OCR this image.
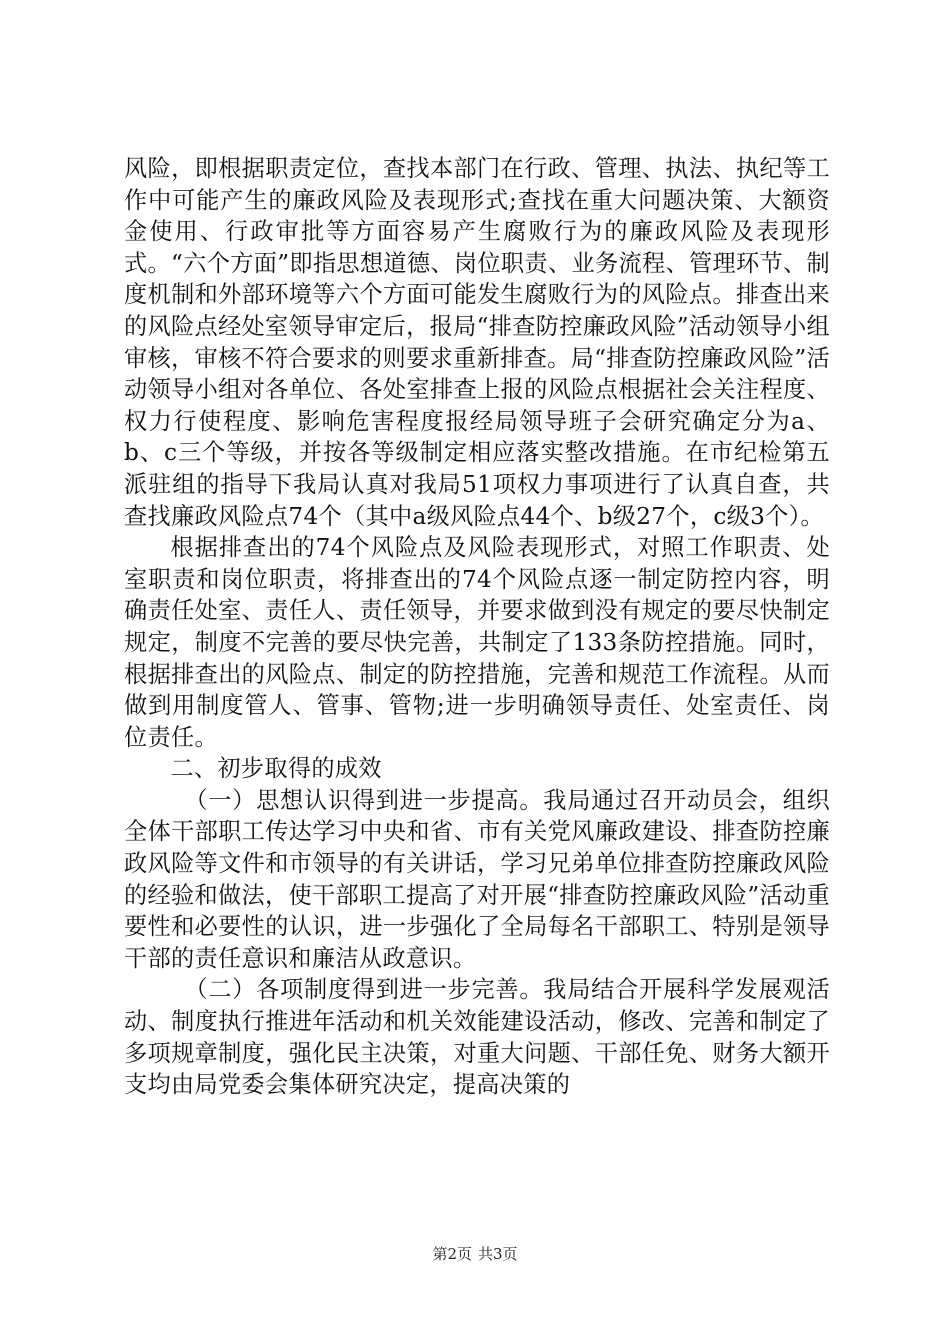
风险，即根据职责定位，查找本部门在行政、管理、执法、执纪等工作中可能产生的廉政风险及表现形式;查找在重大问题决策、大额资金使用、行政审批等方面容易产生腐败行为的廉政风险及表现形式。“六个方面”即指思想道德、岗位职责、业务流程、管理环节、制度机制和外部环境等六个方面可能发生腐败行为的风险点。排查出来的风险点经处室领导审定后，报局“排查防控廉政风险”活动领导小组审核，审核不符合要求的则要求重新排查。局“排查防控廉政风险”活动领导小组对各单位、各处室排查上报的风险点根据社会关注程度、权力行使程度、影响危害程度报经局领导班子会研究确定分为a、b、c三个等级，并按各等级制定相应落实整改措施。在市纪检第五派驻组的指导下我局认真对我局51项权力事项进行了认真自查，共查找廉政风险点74个（其中a级风险点44个、b级27个，c级3个）。

根据排查出的74个风险点及风险表现形式，对照工作职责、处室职责和岗位职责，将排查出的74个风险点逐一制定防控内容，明确责任处室、责任人、责任领导，并要求做到没有规定的要尽快制定规定，制度不完善的要尽快完善，共制定了133条防控措施。同时，根据排查出的风险点、制定的防控措施，完善和规范工作流程。从而做到用制度管人、管事、管物;进一步明确领导责任、处室责任、岗位责任。

二、初步取得的成效

（一）思想认识得到进一步提高。我局通过召开动员会，组织全体干部职工传达学习中央和省、市有关党风廉政建设、排查防控廉政风险等文件和市领导的有关讲话，学习兄弟单位排查防控廉政风险的经验和做法，使干部职工提高了对开展“排查防控廉政风险”活动重要性和必要性的认识，进一步强化了全局每名干部职工、特别是领导干部的责任意识和廉洁从政意识。

（二）各项制度得到进一步完善。我局结合开展科学发展观活动、制度执行推进年活动和机关效能建设活动，修改、完善和制定了多项规章制度，强化民主决策，对重大问题、干部任免、财务大额开支均由局党委会集体研究决定，提高决策的

第2页 共3页
